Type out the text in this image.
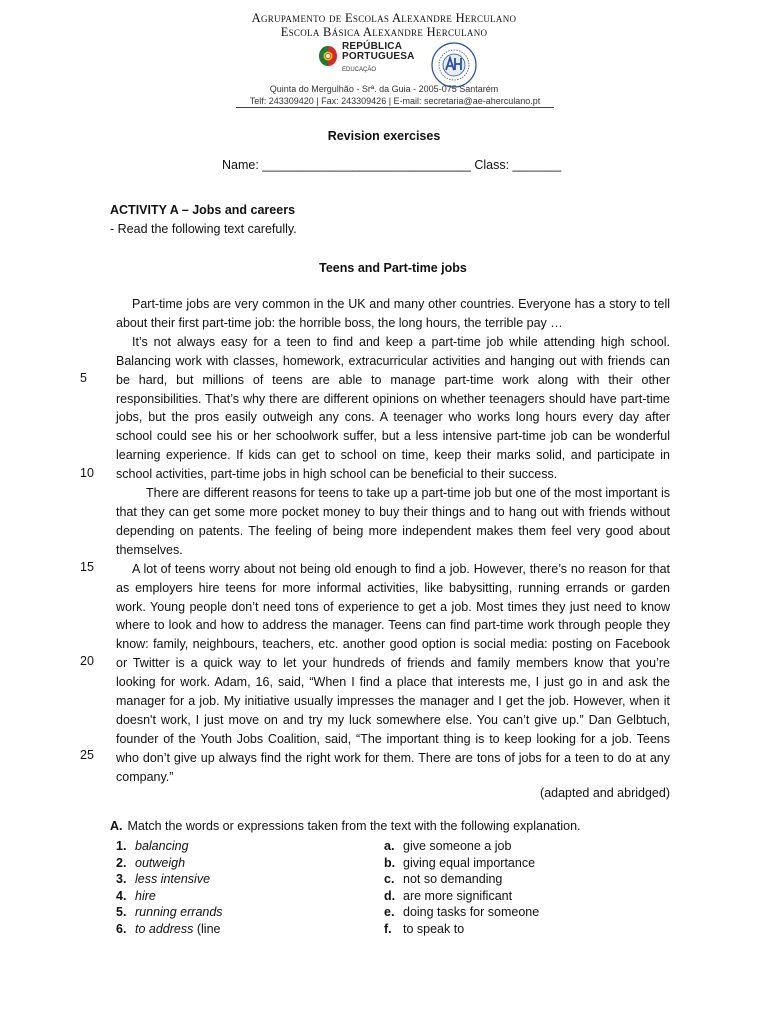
Agrupamento de Escolas Alexandre Herculano
Escola Básica Alexandre Herculano
REPÚBLICA
PORTUGUESA
EDUCAÇÃO
Quinta do Mergulhão - Srª. da Guia - 2005-075 Santarém
Telf: 243309420 | Fax: 243309426 | E-mail: secretaria@ae-aherculano.pt
Revision exercises
Name: ______________________________ Class: _______
ACTIVITY A – Jobs and careers
- Read the following text carefully.
Teens and Part-time jobs

Part-time jobs are very common in the UK and many other countries. Everyone has a story to tell about their first part-time job: the horrible boss, the long hours, the terrible pay …

It’s not always easy for a teen to find and keep a part-time job while attending high school. Balancing work with classes, homework, extracurricular activities and hanging out with friends can be hard, but millions of teens are able to manage part-time work along with their other responsibilities. That’s why there are different opinions on whether teenagers should have part-time jobs, but the pros easily outweigh any cons. A teenager who works long hours every day after school could see his or her schoolwork suffer, but a less intensive part-time job can be wonderful learning experience. If kids can get to school on time, keep their marks solid, and participate in school activities, part-time jobs in high school can be beneficial to their success.

There are different reasons for teens to take up a part-time job but one of the most important is that they can get some more pocket money to buy their things and to hang out with friends without depending on patents. The feeling of being more independent makes them feel very good about themselves.

A lot of teens worry about not being old enough to find a job. However, there’s no reason for that as employers hire teens for more informal activities, like babysitting, running errands or garden work. Young people don’t need tons of experience to get a job. Most times they just need to know where to look and how to address the manager. Teens can find part-time work through people they know: family, neighbours, teachers, etc. another good option is social media: posting on Facebook or Twitter is a quick way to let your hundreds of friends and family members know that you’re looking for work. Adam, 16, said, “When I find a place that interests me, I just go in and ask the manager for a job. My initiative usually impresses the manager and I get the job. However, when it doesn't work, I just move on and try my luck somewhere else. You can’t give up.” Dan Gelbtuch, founder of the Youth Jobs Coalition, said, “The important thing is to keep looking for a job. Teens who don’t give up always find the right work for them. There are tons of jobs for a teen to do at any company.”

5
10
15
20
25
(adapted and abridged)
A. Match the words or expressions taken from the text with the following explanation.
1. balancing
2. outweigh
3. less intensive
4. hire
5. running errands
6. to address (line
a. give someone a job
b. giving equal importance
c. not so demanding
d. are more significant
e. doing tasks for someone
f. to speak to
